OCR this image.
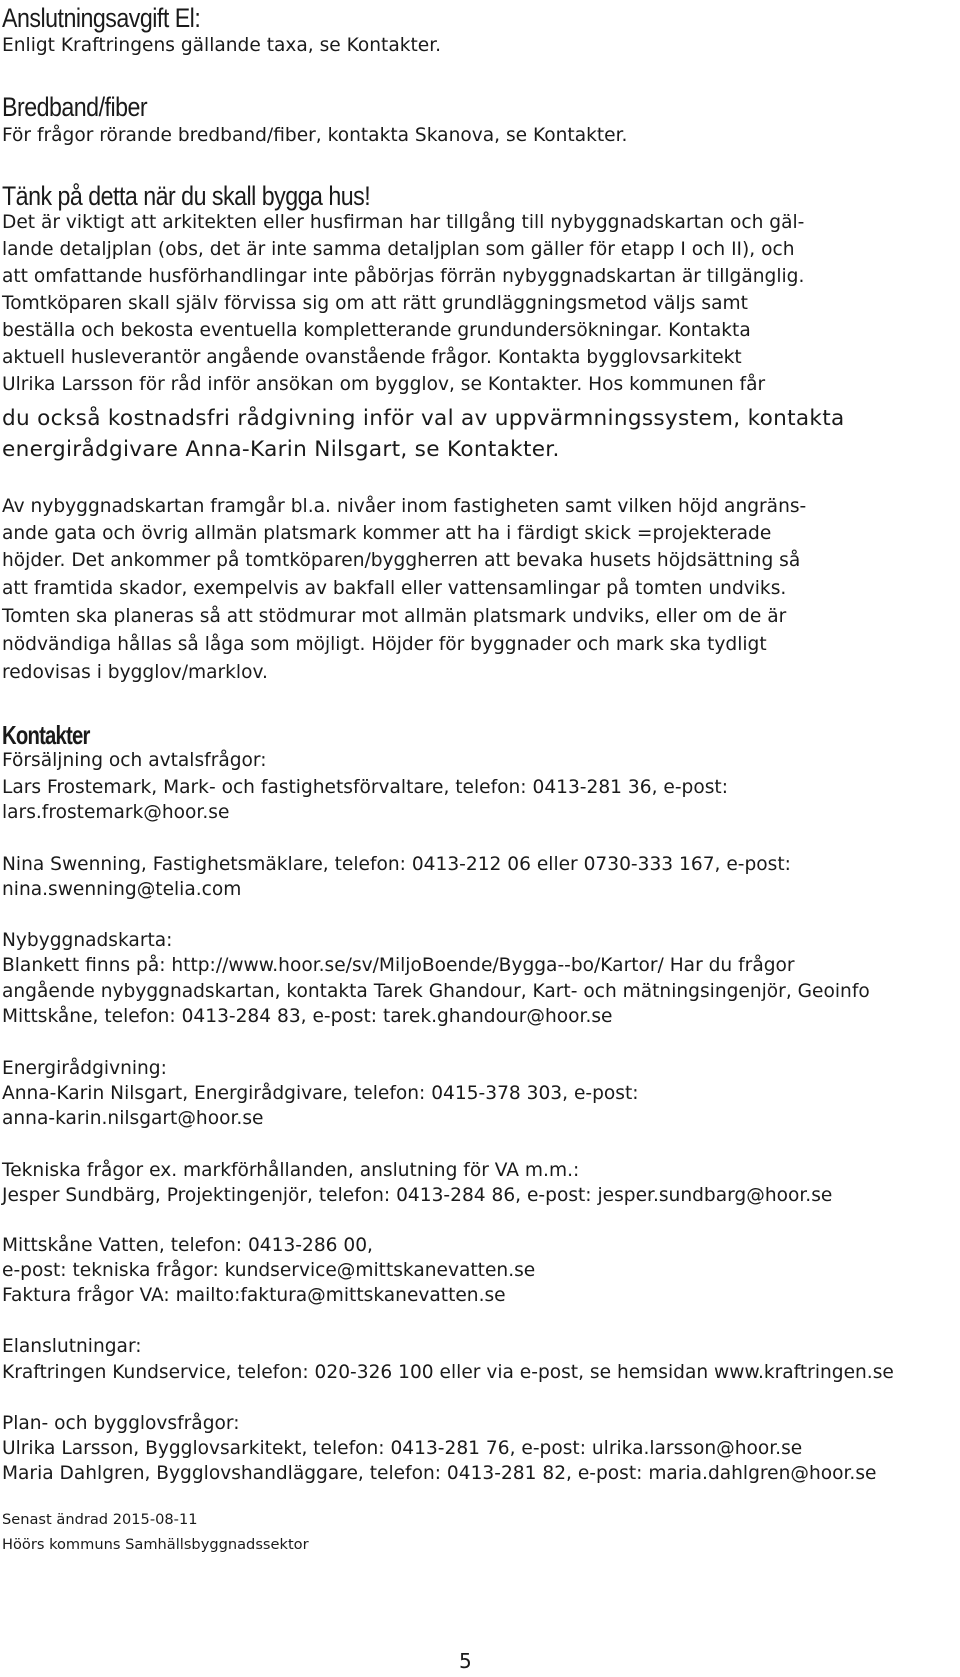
Anslutningsavgift El:
Enligt Kraftringens gällande taxa, se Kontakter.
Bredband/fiber
För frågor rörande bredband/fiber, kontakta Skanova, se Kontakter.
Tänk på detta när du skall bygga hus!
Det är viktigt att arkitekten eller husfirman har tillgång till nybyggnadskartan och gäl-
lande detaljplan (obs, det är inte samma detaljplan som gäller för etapp I och II), och
att omfattande husförhandlingar inte påbörjas förrän nybyggnadskartan är tillgänglig.
Tomtköparen skall själv förvissa sig om att rätt grundläggningsmetod väljs samt
beställa och bekosta eventuella kompletterande grundundersökningar. Kontakta
aktuell husleverantör angående ovanstående frågor. Kontakta bygglovsarkitekt
Ulrika Larsson för råd inför ansökan om bygglov, se Kontakter. Hos kommunen får
du också kostnadsfri rådgivning inför val av uppvärmningssystem, kontakta
energirådgivare Anna-Karin Nilsgart, se Kontakter.
Av nybyggnadskartan framgår bl.a. nivåer inom fastigheten samt vilken höjd angräns-
ande gata och övrig allmän platsmark kommer att ha i färdigt skick =projekterade
höjder. Det ankommer på tomtköparen/byggherren att bevaka husets höjdsättning så
att framtida skador, exempelvis av bakfall eller vattensamlingar på tomten undviks.
Tomten ska planeras så att stödmurar mot allmän platsmark undviks, eller om de är
nödvändiga hållas så låga som möjligt. Höjder för byggnader och mark ska tydligt
redovisas i bygglov/marklov.
Kontakter
Försäljning och avtalsfrågor:
Lars Frostemark, Mark- och fastighetsförvaltare, telefon: 0413-281 36, e-post:
lars.frostemark@hoor.se
Nina Swenning, Fastighetsmäklare, telefon: 0413-212 06 eller 0730-333 167, e-post:
nina.swenning@telia.com
Nybyggnadskarta:
Blankett finns på: http://www.hoor.se/sv/MiljoBoende/Bygga--bo/Kartor/ Har du frågor
angående nybyggnadskartan, kontakta Tarek Ghandour, Kart- och mätningsingenjör, Geoinfo
Mittskåne, telefon: 0413-284 83, e-post: tarek.ghandour@hoor.se
Energirådgivning:
Anna-Karin Nilsgart, Energirådgivare, telefon: 0415-378 303, e-post:
anna-karin.nilsgart@hoor.se
Tekniska frågor ex. markförhållanden, anslutning för VA m.m.:
Jesper Sundbärg, Projektingenjör, telefon: 0413-284 86, e-post: jesper.sundbarg@hoor.se
Mittskåne Vatten, telefon: 0413-286 00,
e-post: tekniska frågor: kundservice@mittskanevatten.se
Faktura frågor VA: mailto:faktura@mittskanevatten.se
Elanslutningar:
Kraftringen Kundservice, telefon: 020-326 100 eller via e-post, se hemsidan www.kraftringen.se
Plan- och bygglovsfrågor:
Ulrika Larsson, Bygglovsarkitekt, telefon: 0413-281 76, e-post: ulrika.larsson@hoor.se
Maria Dahlgren, Bygglovshandläggare, telefon: 0413-281 82, e-post: maria.dahlgren@hoor.se
Senast ändrad 2015-08-11
Höörs kommuns Samhällsbyggnadssektor
5
